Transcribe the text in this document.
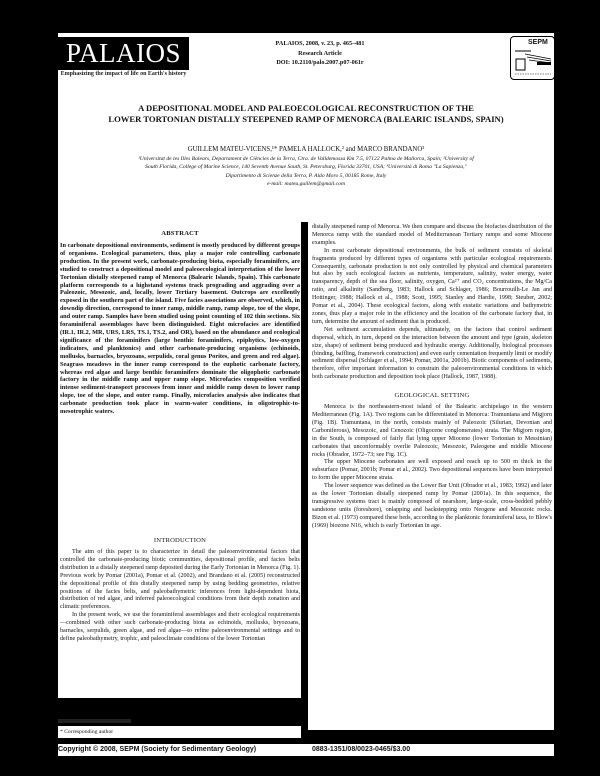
PALAIOS
Emphasizing the impact of life on Earth's history
PALAIOS, 2008, v. 23, p. 465–481
Research Article
DOI: 10.2110/palo.2007.p07-061r
SEPM
A DEPOSITIONAL MODEL AND PALEOECOLOGICAL RECONSTRUCTION OF THE
LOWER TORTONIAN DISTALLY STEEPENED RAMP OF MENORCA (BALEARIC ISLANDS, SPAIN)
GUILLEM MATEU-VICENS,¹* PAMELA HALLOCK,² and MARCO BRANDANO³
¹Universitat de les Illes Balears, Departament de Ciències de la Terra, Ctra. de Valldemossa Km 7.5, 07122 Palma de Mallorca, Spain; ²University of
South Florida, College of Marine Science, 140 Seventh Avenue South, St. Petersburg, Florida 33701, USA; ³Università di Roma "La Sapienza,"
Dipartimento di Scienze della Terra, P. Aldo Moro 5, 00185 Rome, Italy
e-mail: mateu.guillem@gmail.com
ABSTRACT

In carbonate depositional environments, sediment is mostly produced by different groups of organisms. Ecological parameters, thus, play a major role controlling carbonate production. In the present work, carbonate-producing biota, especially foraminifers, are studied to construct a depositional model and paleoecological interpretation of the lower Tortonian distally steepened ramp of Menorca (Balearic Islands, Spain). This carbonate platform corresponds to a highstand systems track prograding and aggrading over a Paleozoic, Mesozoic, and, locally, lower Tertiary basement. Outcrops are excellently exposed in the southern part of the island. Five facies associations are observed, which, in downdip direction, correspond to inner ramp, middle ramp, ramp slope, toe of the slope, and outer ramp. Samples have been studied using point counting of 102 thin sections. Six foraminiferal assemblages have been distinguished. Eight microfacies are identified (IR.1, IR.2, MR, URS, LRS, TS.1, TS.2, and OR), based on the abundance and ecological significance of the foraminifers (large benthic foraminifers, epiphytics, low-oxygen indicators, and planktonics) and other carbonate-producing organisms (echinoids, mollusks, barnacles, bryozoans, serpulids, coral genus Porites, and green and red algae). Seagrass meadows in the inner ramp correspond to the euphotic carbonate factory, whereas red algae and large benthic foraminifers dominate the oligophotic carbonate factory in the middle ramp and upper ramp slope. Microfacies composition verified intense sediment-transport processes from inner and middle ramp down to lower ramp slope, toe of the slope, and outer ramp. Finally, microfacies analysis also indicates that carbonate production took place in warm-water conditions, in oligotrophic-to-mesotrophic waters.

INTRODUCTION

The aim of this paper is to characterize in detail the paleoenvironmental factors that controlled the carbonate-producing biotic communities, depositional profile, and facies belts distribution in a distally steepened ramp deposited during the Early Tortonian in Menorca (Fig. 1). Previous work by Pomar (2001a), Pomar et al. (2002), and Brandano et al. (2005) reconstructed the depositional profile of this distally steepened ramp by using bedding geometries, relative positions of the facies belts, and paleobathymetric inferences from light-dependent biota, distribution of red algae, and inferred paleoecological conditions from their depth zonation and climatic preferences.

In the present work, we use the foraminiferal assemblages and their ecological requirements—combined with other such carbonate-producing biota as echinoids, mollusks, bryozoans, barnacles, serpulids, green algae, and red algae—to refine paleoenvironmental settings and to define paleobathymetry, trophic, and paleoclimate conditions of the lower Tortonian

* Corresponding author

distally steepened ramp of Menorca. We then compare and discuss the biofacies distribution of the Menorca ramp with the standard model of Mediterranean Tertiary ramps and some Miocene examples.

In most carbonate depositional environments, the bulk of sediment consists of skeletal fragments produced by different types of organisms with particular ecological requirements. Consequently, carbonate production is not only controlled by physical and chemical parameters but also by such ecological factors as nutrients, temperature, salinity, water energy, water transparency, depth of the sea floor, salinity, oxygen, Ca²⁺ and CO₂ concentrations, the Mg/Ca ratio, and alkalinity (Sandberg, 1983; Hallock and Schlager, 1986; Bourrouilh-Le Jan and Hottinger, 1988; Hallock et al., 1988; Scott, 1995; Stanley and Hardie, 1998; Steuber, 2002; Pomar et al., 2004). These ecological factors, along with eustatic variations and bathymetric zones, thus play a major role in the efficiency and the location of the carbonate factory that, in turn, determine the amount of sediment that is produced.

Net sediment accumulation depends, ultimately, on the factors that control sediment dispersal, which, in turn, depend on the interaction between the amount and type (grain, skeleton size, shape) of sediment being produced and hydraulic energy. Additionally, biological processes (binding, baffling, framework construction) and even early cementation frequently limit or modify sediment dispersal (Schlager et al., 1994; Pomar, 2001a, 2001b). Biotic components of sediments, therefore, offer important information to constrain the paleoenvironmental conditions in which both carbonate production and deposition took place (Hallock, 1987, 1988).

GEOLOGICAL SETTING

Menorca is the northeastern-most island of the Balearic archipelago in the western Mediterranean (Fig. 1A). Two regions can be differentiated in Menorca: Tramuntana and Migjorn (Fig. 1B). Tramuntana, in the north, consists mainly of Paleozoic (Silurian, Devonian and Carboniferous), Mesozoic, and Cenozoic (Oligocene conglomerates) strata. The Migjorn region, in the South, is composed of fairly flat lying upper Miocene (lower Tortonian to Messinian) carbonates that unconformably overlie Paleozoic, Mesozoic, Paleogene and middle Miocene rocks (Obrador, 1972–73; see Fig. 1C).

The upper Miocene carbonates are well exposed and reach up to 500 m thick in the subsurface (Pomar, 2001b; Pomar et al., 2002). Two depositional sequences have been interpreted to form the upper Miocene strata.

The lower sequence was defined as the Lower Bar Unit (Obrador et al., 1983; 1992) and later as the lower Tortonian distally steepened ramp by Pomar (2001a). In this sequence, the transgressive systems tract is mainly composed of nearshore, large-scale, cross-bedded pebbly sandstone units (foreshore), onlapping and backstepping onto Neogene and Mesozoic rocks. Bizon et al. (1973) compared these beds, according to the planktonic foraminiferal taxa, to Blow's (1969) biozone N16, which is early Tortonian in age.

Copyright © 2008, SEPM (Society for Sedimentary Geology)	0883-1351/08/0023-0465/$3.00
